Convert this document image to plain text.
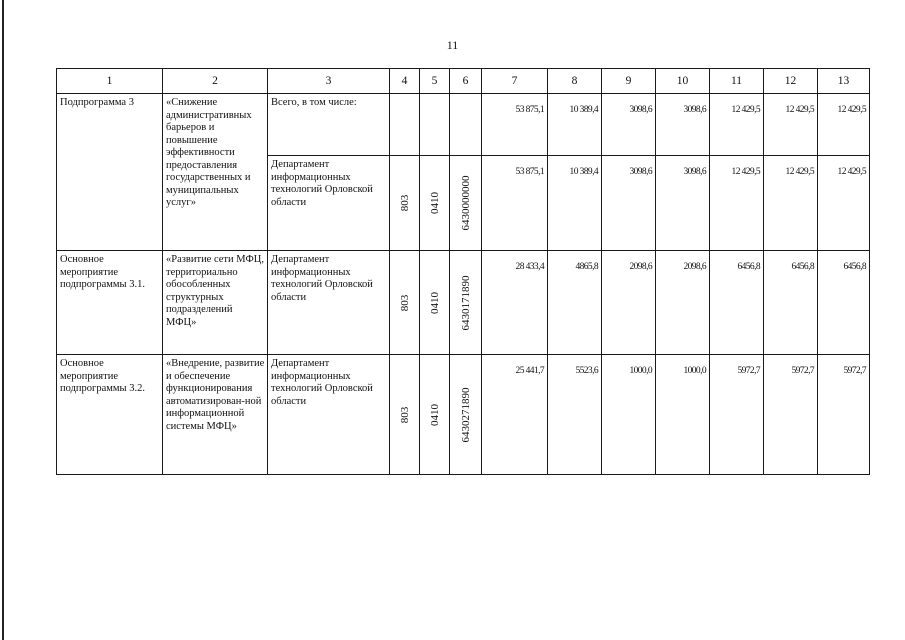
11
1	2	3	4	5	6	7	8	9	10	11	12	13
Подпрограмма 3	«Снижение административных барьеров и повышение эффективности предоставления государственных и муниципальных услуг»	Всего, в том числе:				53 875,1	10 389,4	3098,6	3098,6	12 429,5	12 429,5	12 429,5
		Департамент информационных технологий Орловской области	803	0410	6430000000	53 875,1	10 389,4	3098,6	3098,6	12 429,5	12 429,5	12 429,5
Основное мероприятие подпрограммы 3.1.	«Развитие сети МФЦ, территориально обособленных структурных подразделений МФЦ»	Департамент информационных технологий Орловской области	803	0410	6430171890	28 433,4	4865,8	2098,6	2098,6	6456,8	6456,8	6456,8
Основное мероприятие подпрограммы 3.2.	«Внедрение, развитие и обеспечение функционирования автоматизирован-ной информационной системы МФЦ»	Департамент информационных технологий Орловской области	803	0410	6430271890	25 441,7	5523,6	1000,0	1000,0	5972,7	5972,7	5972,7
